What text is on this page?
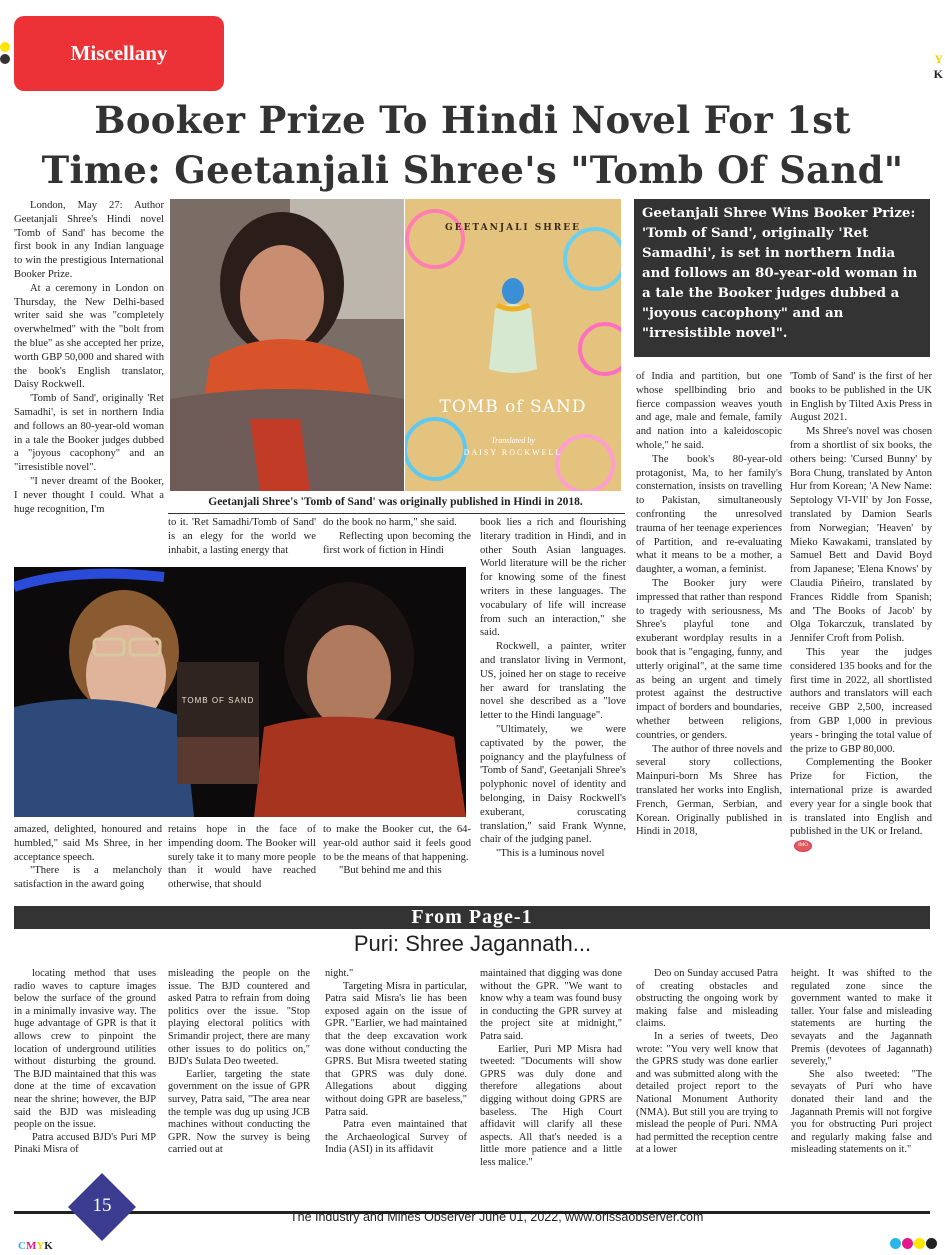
Y
K
Miscellany
Booker Prize To Hindi Novel For 1st
Time: Geetanjali Shree's "Tomb Of Sand"

London, May 27: Author Geetanjali Shree's Hindi novel 'Tomb of Sand' has become the first book in any Indian language to win the prestigious International Booker Prize.

At a ceremony in London on Thursday, the New Delhi-based writer said she was "completely overwhelmed" with the "bolt from the blue" as she accepted her prize, worth GBP 50,000 and shared with the book's English translator, Daisy Rockwell.

'Tomb of Sand', originally 'Ret Samadhi', is set in northern India and follows an 80-year-old woman in a tale the Booker judges dubbed a "joyous cacophony" and an "irresistible novel".

"I never dreamt of the Booker, I never thought I could. What a huge recognition, I'm

GEETANJALI SHREE
TOMB of SAND
Translated by
DAISY ROCKWELL
Geetanjali Shree's 'Tomb of Sand' was originally published in Hindi in 2018.
Geetanjali Shree Wins Booker Prize: 'Tomb of Sand', originally 'Ret Samadhi', is set in northern India and follows an 80-year-old woman in a tale the Booker judges dubbed a "joyous cacophony" and an "irresistible novel".

to it. 'Ret Samadhi/Tomb of Sand' is an elegy for the world we inhabit, a lasting energy that

do the book no harm," she said.

Reflecting upon becoming the first work of fiction in Hindi

TOMB OF SAND

amazed, delighted, honoured and humbled," said Ms Shree, in her acceptance speech.

"There is a melancholy satisfaction in the award going

retains hope in the face of impending doom. The Booker will surely take it to many more people than it would have reached otherwise, that should

to make the Booker cut, the 64-year-old author said it feels good to be the means of that happening.

"But behind me and this

book lies a rich and flourishing literary tradition in Hindi, and in other South Asian languages. World literature will be the richer for knowing some of the finest writers in these languages. The vocabulary of life will increase from such an interaction," she said.

Rockwell, a painter, writer and translator living in Vermont, US, joined her on stage to receive her award for translating the novel she described as a "love letter to the Hindi language".

"Ultimately, we were captivated by the power, the poignancy and the playfulness of 'Tomb of Sand', Geetanjali Shree's polyphonic novel of identity and belonging, in Daisy Rockwell's exuberant, coruscating translation," said Frank Wynne, chair of the judging panel.

"This is a luminous novel

of India and partition, but one whose spellbinding brio and fierce compassion weaves youth and age, male and female, family and nation into a kaleidoscopic whole," he said.

The book's 80-year-old protagonist, Ma, to her family's consternation, insists on travelling to Pakistan, simultaneously confronting the unresolved trauma of her teenage experiences of Partition, and re-evaluating what it means to be a mother, a daughter, a woman, a feminist.

The Booker jury were impressed that rather than respond to tragedy with seriousness, Ms Shree's playful tone and exuberant wordplay results in a book that is "engaging, funny, and utterly original", at the same time as being an urgent and timely protest against the destructive impact of borders and boundaries, whether between religions, countries, or genders.

The author of three novels and several story collections, Mainpuri-born Ms Shree has translated her works into English, French, German, Serbian, and Korean. Originally published in Hindi in 2018,

'Tomb of Sand' is the first of her books to be published in the UK in English by Tilted Axis Press in August 2021.

Ms Shree's novel was chosen from a shortlist of six books, the others being: 'Cursed Bunny' by Bora Chung, translated by Anton Hur from Korean; 'A New Name: Septology VI-VII' by Jon Fosse, translated by Damion Searls from Norwegian; 'Heaven' by Mieko Kawakami, translated by Samuel Bett and David Boyd from Japanese; 'Elena Knows' by Claudia Piñeiro, translated by Frances Riddle from Spanish; and 'The Books of Jacob' by Olga Tokarczuk, translated by Jennifer Croft from Polish.

This year the judges considered 135 books and for the first time in 2022, all shortlisted authors and translators will each receive GBP 2,500, increased from GBP 1,000 in previous years - bringing the total value of the prize to GBP 80,000.

Complementing the Booker Prize for Fiction, the international prize is awarded every year for a single book that is translated into English and published in the UK or Ireland.

IMO
From Page-1
Puri: Shree Jagannath...

locating method that uses radio waves to capture images below the surface of the ground in a minimally invasive way. The huge advantage of GPR is that it allows crew to pinpoint the location of underground utilities without disturbing the ground. The BJD maintained that this was done at the time of excavation near the shrine; however, the BJP said the BJD was misleading people on the issue.

Patra accused BJD's Puri MP Pinaki Misra of

misleading the people on the issue. The BJD countered and asked Patra to refrain from doing politics over the issue. "Stop playing electoral politics with Srimandir project, there are many other issues to do politics on," BJD's Sulata Deo tweeted.

Earlier, targeting the state government on the issue of GPR survey, Patra said, "The area near the temple was dug up using JCB machines without conducting the GPR. Now the survey is being carried out at

night."

Targeting Misra in particular, Patra said Misra's lie has been exposed again on the issue of GPR. "Earlier, we had maintained that the deep excavation work was done without conducting the GPRS. But Misra tweeted stating that GPRS was duly done. Allegations about digging without doing GPR are baseless," Patra said.

Patra even maintained that the Archaeological Survey of India (ASI) in its affidavit

maintained that digging was done without the GPR. "We want to know why a team was found busy in conducting the GPR survey at the project site at midnight," Patra said.

Earlier, Puri MP Misra had tweeted: "Documents will show GPRS was duly done and therefore allegations about digging without doing GPRS are baseless. The High Court affidavit will clarify all these aspects. All that's needed is a little more patience and a little less malice."

Deo on Sunday accused Patra of creating obstacles and obstructing the ongoing work by making false and misleading claims.

In a series of tweets, Deo wrote: "You very well know that the GPRS study was done earlier and was submitted along with the detailed project report to the National Monument Authority (NMA). But still you are trying to mislead the people of Puri. NMA had permitted the reception centre at a lower

height. It was shifted to the regulated zone since the government wanted to make it taller. Your false and misleading statements are hurting the sevayats and the Jagannath Premis (devotees of Jagannath) severely,"

She also tweeted: "The sevayats of Puri who have donated their land and the Jagannath Premis will not forgive you for obstructing Puri project and regularly making false and misleading statements on it."

15
The Industry and Mines Observer June 01, 2022, www.orissaobserver.com
CMYK
